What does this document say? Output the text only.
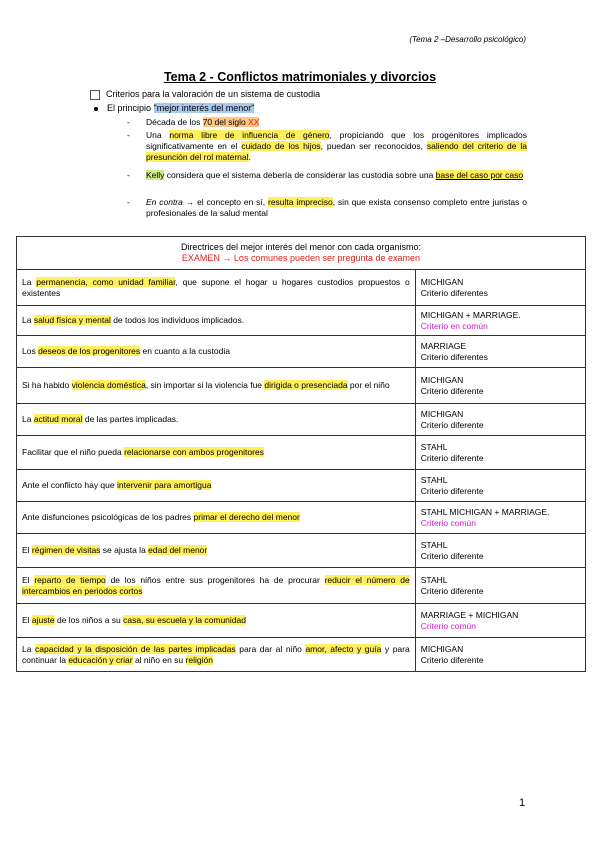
(Tema 2 –Desarrollo psicológico)
Tema 2 - Conflictos matrimoniales y divorcios
Criterios para la valoración de un sistema de custodia
El principio "mejor interés del menor"
- Década de los 70 del siglo XX
- Una norma libre de influencia de género, propiciando que los progenitores implicados significativamente en el cuidado de los hijos, puedan ser reconocidos, saliendo del criterio de la presunción del rol maternal.
- Kelly considera que el sistema debería de considerar las custodia sobre una base del caso por caso
- En contra → el concepto en sí, resulta impreciso, sin que exista consenso completo entre juristas o profesionales de la salud mental
Directrices del mejor interés del menor con cada organismo:
EXAMEN → Los comunes pueden ser pregunta de examen	

La permanencia, como unidad familiar, que supone el hogar u hogares custodios propuestos o existentes	MICHIGAN
Criterio diferentes

La salud física y mental de todos los individuos implicados.	MICHIGAN + MARRIAGE.
Criterio en común

Los deseos de los progenitores en cuanto a la custodia	MARRIAGE
Criterio diferentes

Si ha habido violencia doméstica, sin importar si la violencia fue dirigida o presenciada por el niño	MICHIGAN
Criterio diferente

La actitud moral de las partes implicadas.	MICHIGAN
Criterio diferente

Facilitar que el niño pueda relacionarse con ambos progenitores	STAHL
Criterio diferente

Ante el conflicto hay que intervenir para amortigua	STAHL
Criterio diferente

Ante disfunciones psicológicas de los padres primar el derecho del menor	STAHL MICHIGAN + MARRIAGE.
Criterio común

El régimen de visitas se ajusta la edad del menor	STAHL
Criterio diferente

El reparto de tiempo de los niños entre sus progenitores ha de procurar reducir el número de intercambios en periodos cortos	STAHL
Criterio diferente

El ajuste de los niños a su casa, su escuela y la comunidad	MARRIAGE + MICHIGAN
Criterio común

La capacidad y la disposición de las partes implicadas para dar al niño amor, afecto y guía y para continuar la educación y criar al niño en su religión	MICHIGAN
Criterio diferente
1
